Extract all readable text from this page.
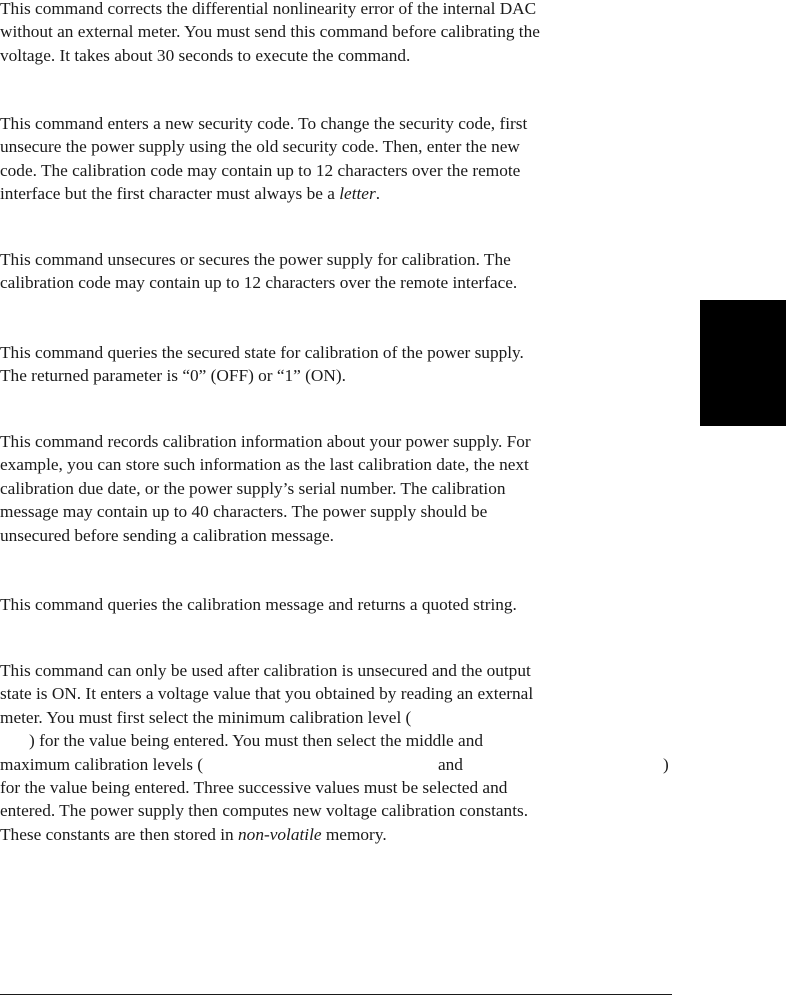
This command corrects the differential nonlinearity error of the internal DAC
without an external meter. You must send this command before calibrating the
voltage. It takes about 30 seconds to execute the command.
This command enters a new security code. To change the security code, first
unsecure the power supply using the old security code. Then, enter the new
code. The calibration code may contain up to 12 characters over the remote
interface but the first character must always be a letter.
This command unsecures or secures the power supply for calibration. The
calibration code may contain up to 12 characters over the remote interface.
This command queries the secured state for calibration of the power supply.
The returned parameter is “0” (OFF) or “1” (ON).
This command records calibration information about your power supply. For
example, you can store such information as the last calibration date, the next
calibration due date, or the power supply’s serial number. The calibration
message may contain up to 40 characters. The power supply should be
unsecured before sending a calibration message.
This command queries the calibration message and returns a quoted string.
This command can only be used after calibration is unsecured and the output
state is ON. It enters a voltage value that you obtained by reading an external
meter. You must first select the minimum calibration level (
) for the value being entered. You must then select the middle and
maximum calibration levels (	and	)
for the value being entered. Three successive values must be selected and
entered. The power supply then computes new voltage calibration constants.
These constants are then stored in non-volatile memory.
